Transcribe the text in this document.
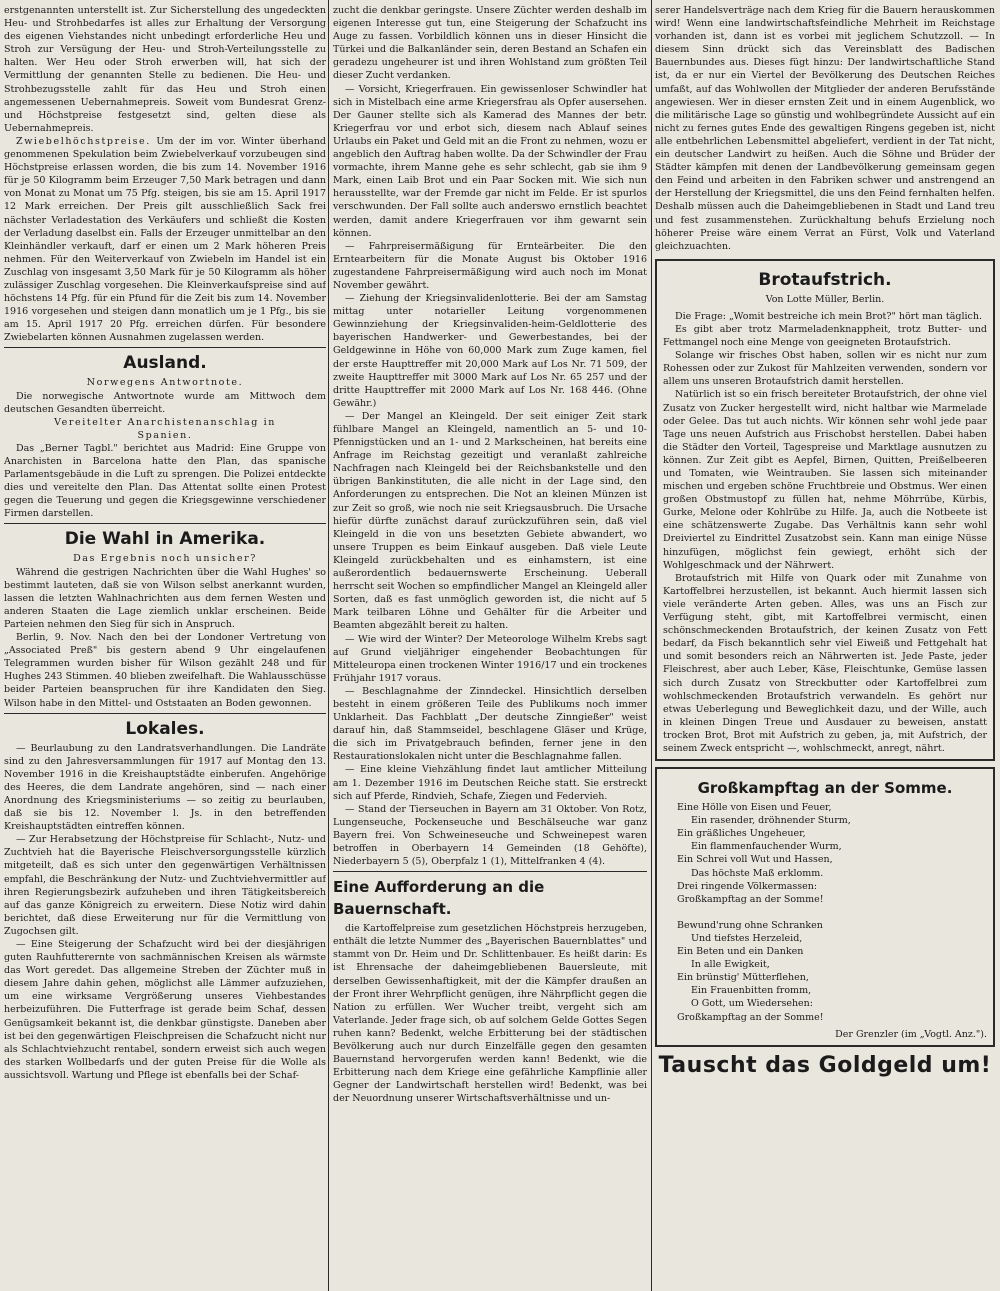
erstgenannten unterstellt ist. Zur Sicherstellung des ungedeckten Heu- und Strohbedarfes ist alles zur Erhaltung der Versorgung des eigenen Viehstandes nicht unbedingt erforderliche Heu und Stroh zur Versügung der Heu- und Stroh-Verteilungsstelle zu halten. Wer Heu oder Stroh erwerben will, hat sich der Vermittlung der genannten Stelle zu bedienen. Die Heu- und Strohbezugsstelle zahlt für das Heu und Stroh einen angemessenen Uebernahmepreis. Soweit vom Bundesrat Grenz- und Höchstpreise festgesetzt sind, gelten diese als Uebernahmepreis.

Zwiebelhöchstpreise. Um der im vor. Winter überhand genommenen Spekulation beim Zwiebelverkauf vorzubeugen sind Höchstpreise erlassen worden, die bis zum 14. November 1916 für je 50 Kilogramm beim Erzeuger 7,50 Mark betragen und dann von Monat zu Monat um 75 Pfg. steigen, bis sie am 15. April 1917 12 Mark erreichen. Der Preis gilt ausschließlich Sack frei nächster Verladestation des Verkäufers und schließt die Kosten der Verladung daselbst ein. Falls der Erzeuger unmittelbar an den Kleinhändler verkauft, darf er einen um 2 Mark höheren Preis nehmen. Für den Weiterverkauf von Zwiebeln im Handel ist ein Zuschlag von insgesamt 3,50 Mark für je 50 Kilogramm als höher zulässiger Zuschlag vorgesehen. Die Kleinverkaufspreise sind auf höchstens 14 Pfg. für ein Pfund für die Zeit bis zum 14. November 1916 vorgesehen und steigen dann monatlich um je 1 Pfg., bis sie am 15. April 1917 20 Pfg. erreichen dürfen. Für besondere Zwiebelarten können Ausnahmen zugelassen werden.

Ausland.

Norwegens Antwortnote.

Die norwegische Antwortnote wurde am Mittwoch dem deutschen Gesandten überreicht.

Vereitelter Anarchistenanschlag in

Spanien.

Das „Berner Tagbl." berichtet aus Madrid: Eine Gruppe von Anarchisten in Barcelona hatte den Plan, das spanische Parlamentsgebäude in die Luft zu sprengen. Die Polizei entdeckte dies und vereitelte den Plan. Das Attentat sollte einen Protest gegen die Teuerung und gegen die Kriegsgewinne verschiedener Firmen darstellen.

Die Wahl in Amerika.

Das Ergebnis noch unsicher?

Während die gestrigen Nachrichten über die Wahl Hughes' so bestimmt lauteten, daß sie von Wilson selbst anerkannt wurden, lassen die letzten Wahlnachrichten aus dem fernen Westen und anderen Staaten die Lage ziemlich unklar erscheinen. Beide Parteien nehmen den Sieg für sich in Anspruch.

Berlin, 9. Nov. Nach den bei der Londoner Vertretung von „Associated Preß" bis gestern abend 9 Uhr eingelaufenen Telegrammen wurden bisher für Wilson gezählt 248 und für Hughes 243 Stimmen. 40 blieben zweifelhaft. Die Wahlausschüsse beider Parteien beanspruchen für ihre Kandidaten den Sieg. Wilson habe in den Mittel- und Oststaaten an Boden gewonnen.

Lokales.

— Beurlaubung zu den Landratsverhandlungen. Die Landräte sind zu den Jahresversammlungen für 1917 auf Montag den 13. November 1916 in die Kreishauptstädte einberufen. Angehörige des Heeres, die dem Landrate angehören, sind — nach einer Anordnung des Kriegsministeriums — so zeitig zu beurlauben, daß sie bis 12. November l. Js. in den betreffenden Kreishauptstädten eintreffen können.

— Zur Herabsetzung der Höchstpreise für Schlacht-, Nutz- und Zuchtvieh hat die Bayerische Fleischversorgungsstelle kürzlich mitgeteilt, daß es sich unter den gegenwärtigen Verhältnissen empfahl, die Beschränkung der Nutz- und Zuchtviehvermittler auf ihren Regierungsbezirk aufzuheben und ihren Tätigkeitsbereich auf das ganze Königreich zu erweitern. Diese Notiz wird dahin berichtet, daß diese Erweiterung nur für die Vermittlung von Zugochsen gilt.

— Eine Steigerung der Schafzucht wird bei der diesjährigen guten Rauhfutterernte von sachmännischen Kreisen als wärmste das Wort geredet. Das allgemeine Streben der Züchter muß in diesem Jahre dahin gehen, möglichst alle Lämmer aufzuziehen, um eine wirksame Vergrößerung unseres Viehbestandes herbeizuführen. Die Futterfrage ist gerade beim Schaf, dessen Genügsamkeit bekannt ist, die denkbar günstigste. Daneben aber ist bei den gegenwärtigen Fleischpreisen die Schafzucht nicht nur als Schlachtviehzucht rentabel, sondern erweist sich auch wegen des starken Wollbedarfs und der guten Preise für die Wolle als aussichtsvoll. Wartung und Pflege ist ebenfalls bei der Schaf-

zucht die denkbar geringste. Unsere Züchter werden deshalb im eigenen Interesse gut tun, eine Steigerung der Schafzucht ins Auge zu fassen. Vorbildlich können uns in dieser Hinsicht die Türkei und die Balkanländer sein, deren Bestand an Schafen ein geradezu ungeheurer ist und ihren Wohlstand zum größten Teil dieser Zucht verdanken.

— Vorsicht, Kriegerfrauen. Ein gewissenloser Schwindler hat sich in Mistelbach eine arme Kriegersfrau als Opfer ausersehen. Der Gauner stellte sich als Kamerad des Mannes der betr. Kriegerfrau vor und erbot sich, diesem nach Ablauf seines Urlaubs ein Paket und Geld mit an die Front zu nehmen, wozu er angeblich den Auftrag haben wollte. Da der Schwindler der Frau vormachte, ihrem Manne gehe es sehr schlecht, gab sie ihm 9 Mark, einen Laib Brot und ein Paar Socken mit. Wie sich nun herausstellte, war der Fremde gar nicht im Felde. Er ist spurlos verschwunden. Der Fall sollte auch anderswo ernstlich beachtet werden, damit andere Kriegerfrauen vor ihm gewarnt sein können.

— Fahrpreisermäßigung für Ernteärbeiter. Die den Erntearbeitern für die Monate August bis Oktober 1916 zugestandene Fahrpreisermäßigung wird auch noch im Monat November gewährt.

— Ziehung der Kriegsinvalidenlotterie. Bei der am Samstag mittag unter notarieller Leitung vorgenommenen Gewinnziehung der Kriegsinvaliden-heim-Geldlotterie des bayerischen Handwerker- und Gewerbestandes, bei der Geldgewinne in Höhe von 60,000 Mark zum Zuge kamen, fiel der erste Haupttreffer mit 20,000 Mark auf Los Nr. 71 509, der zweite Haupttreffer mit 3000 Mark auf Los Nr. 65 257 und der dritte Haupttreffer mit 2000 Mark auf Los Nr. 168 446. (Ohne Gewähr.)

— Der Mangel an Kleingeld. Der seit einiger Zeit stark fühlbare Mangel an Kleingeld, namentlich an 5- und 10-Pfennigstücken und an 1- und 2 Markscheinen, hat bereits eine Anfrage im Reichstag gezeitigt und veranlaßt zahlreiche Nachfragen nach Kleingeld bei der Reichsbankstelle und den übrigen Bankinstituten, die alle nicht in der Lage sind, den Anforderungen zu entsprechen. Die Not an kleinen Münzen ist zur Zeit so groß, wie noch nie seit Kriegsausbruch. Die Ursache hiefür dürfte zunächst darauf zurückzuführen sein, daß viel Kleingeld in die von uns besetzten Gebiete abwandert, wo unsere Truppen es beim Einkauf ausgeben. Daß viele Leute Kleingeld zurückbehalten und es einhamstern, ist eine außerordentlich bedauernswerte Erscheinung. Ueberall herrscht seit Wochen so empfindlicher Mangel an Kleingeld aller Sorten, daß es fast unmöglich geworden ist, die nicht auf 5 Mark teilbaren Löhne und Gehälter für die Arbeiter und Beamten abgezählt bereit zu halten.

— Wie wird der Winter? Der Meteorologe Wilhelm Krebs sagt auf Grund vieljähriger eingehender Beobachtungen für Mitteleuropa einen trockenen Winter 1916/17 und ein trockenes Frühjahr 1917 voraus.

— Beschlagnahme der Zinndeckel. Hinsichtlich derselben besteht in einem größeren Teile des Publikums noch immer Unklarheit. Das Fachblatt „Der deutsche Zinngießer" weist darauf hin, daß Stammseidel, beschlagene Gläser und Krüge, die sich im Privatgebrauch befinden, ferner jene in den Restaurationslokalen nicht unter die Beschlagnahme fallen.

— Eine kleine Viehzählung findet laut amtlicher Mitteilung am 1. Dezember 1916 im Deutschen Reiche statt. Sie erstreckt sich auf Pferde, Rindvieh, Schafe, Ziegen und Federvieh.

— Stand der Tierseuchen in Bayern am 31 Oktober. Von Rotz, Lungenseuche, Pockenseuche und Beschälseuche war ganz Bayern frei. Von Schweineseuche und Schweinepest waren betroffen in Oberbayern 14 Gemeinden (18 Gehöfte), Niederbayern 5 (5), Oberpfalz 1 (1), Mittelfranken 4 (4).

Eine Aufforderung an die Bauernschaft.

die Kartoffelpreise zum gesetzlichen Höchstpreis herzugeben, enthält die letzte Nummer des „Bayerischen Bauernblattes" und stammt von Dr. Heim und Dr. Schlittenbauer. Es heißt darin: Es ist Ehrensache der daheimgebliebenen Bauersleute, mit derselben Gewissenhaftigkeit, mit der die Kämpfer draußen an der Front ihrer Wehrpflicht genügen, ihre Nährpflicht gegen die Nation zu erfüllen. Wer Wucher treibt, vergeht sich am Vaterlande. Jeder frage sich, ob auf solchem Gelde Gottes Segen ruhen kann? Bedenkt, welche Erbitterung bei der städtischen Bevölkerung auch nur durch Einzelfälle gegen den gesamten Bauernstand hervorgerufen werden kann! Bedenkt, wie die Erbitterung nach dem Kriege eine gefährliche Kampflinie aller Gegner der Landwirtschaft herstellen wird! Bedenkt, was bei der Neuordnung unserer Wirtschaftsverhältnisse und un-

serer Handelsverträge nach dem Krieg für die Bauern herauskommen wird! Wenn eine landwirtschaftsfeindliche Mehrheit im Reichstage vorhanden ist, dann ist es vorbei mit jeglichem Schutzzoll. — In diesem Sinn drückt sich das Vereinsblatt des Badischen Bauernbundes aus. Dieses fügt hinzu: Der landwirtschaftliche Stand ist, da er nur ein Viertel der Bevölkerung des Deutschen Reiches umfaßt, auf das Wohlwollen der Mitglieder der anderen Berufsstände angewiesen. Wer in dieser ernsten Zeit und in einem Augenblick, wo die militärische Lage so günstig und wohlbegründete Aussicht auf ein nicht zu fernes gutes Ende des gewaltigen Ringens gegeben ist, nicht alle entbehrlichen Lebensmittel abgeliefert, verdient in der Tat nicht, ein deutscher Landwirt zu heißen. Auch die Söhne und Brüder der Städter kämpfen mit denen der Landbevölkerung gemeinsam gegen den Feind und arbeiten in den Fabriken schwer und anstrengend an der Herstellung der Kriegsmittel, die uns den Feind fernhalten helfen. Deshalb müssen auch die Daheimgebliebenen in Stadt und Land treu und fest zusammenstehen. Zurückhaltung behufs Erzielung noch höherer Preise wäre einem Verrat an Fürst, Volk und Vaterland gleichzuachten.

Brotaufstrich.
Von Lotte Müller, Berlin.

Die Frage: „Womit bestreiche ich mein Brot?" hört man täglich.

Es gibt aber trotz Marmeladenknappheit, trotz Butter- und Fettmangel noch eine Menge von geeigneten Brotaufstrich.

Solange wir frisches Obst haben, sollen wir es nicht nur zum Rohessen oder zur Zukost für Mahlzeiten verwenden, sondern vor allem uns unseren Brotaufstrich damit herstellen.

Natürlich ist so ein frisch bereiteter Brotaufstrich, der ohne viel Zusatz von Zucker hergestellt wird, nicht haltbar wie Marmelade oder Gelee. Das tut auch nichts. Wir können sehr wohl jede paar Tage uns neuen Aufstrich aus Frischobst herstellen. Dabei haben die Städter den Vorteil, Tagespreise und Marktlage ausnutzen zu können. Zur Zeit gibt es Aepfel, Birnen, Quitten, Preißelbeeren und Tomaten, wie Weintrauben. Sie lassen sich miteinander mischen und ergeben schöne Fruchtbreie und Obstmus. Wer einen großen Obstmustopf zu füllen hat, nehme Möhrrübe, Kürbis, Gurke, Melone oder Kohlrübe zu Hilfe. Ja, auch die Notbeete ist eine schätzenswerte Zugabe. Das Verhältnis kann sehr wohl Dreiviertel zu Eindrittel Zusatzobst sein. Kann man einige Nüsse hinzufügen, möglichst fein gewiegt, erhöht sich der Wohlgeschmack und der Nährwert.

Brotaufstrich mit Hilfe von Quark oder mit Zunahme von Kartoffelbrei herzustellen, ist bekannt. Auch hiermit lassen sich viele veränderte Arten geben. Alles, was uns an Fisch zur Verfügung steht, gibt, mit Kartoffelbrei vermischt, einen schönschmeckenden Brotaufstrich, der keinen Zusatz von Fett bedarf, da Fisch bekanntlich sehr viel Eiweiß und Fettgehalt hat und somit besonders reich an Nährwerten ist. Jede Paste, jeder Fleischrest, aber auch Leber, Käse, Fleischtunke, Gemüse lassen sich durch Zusatz von Streckbutter oder Kartoffelbrei zum wohlschmeckenden Brotaufstrich verwandeln. Es gehört nur etwas Ueberlegung und Beweglichkeit dazu, und der Wille, auch in kleinen Dingen Treue und Ausdauer zu beweisen, anstatt trocken Brot, Brot mit Aufstrich zu geben, ja, mit Aufstrich, der seinem Zweck entspricht —, wohlschmeckt, anregt, nährt.

Großkampftag an der Somme.
Eine Hölle von Eisen und Feuer,
Ein rasender, dröhnender Sturm,
Ein gräßliches Ungeheuer,
Ein flammenfauchender Wurm,
Ein Schrei voll Wut und Hassen,
Das höchste Maß erklomm.
Drei ringende Völkermassen:
Großkampftag an der Somme!

Bewund'rung ohne Schranken
Und tiefstes Herzeleid,
Ein Beten und ein Danken
In alle Ewigkeit,
Ein brünstig' Mütterflehen,
Ein Frauenbitten fromm,
O Gott, um Wiedersehen:
Großkampftag an der Somme!
Der Grenzler (im „Vogtl. Anz.").
Tauscht das Goldgeld um!
